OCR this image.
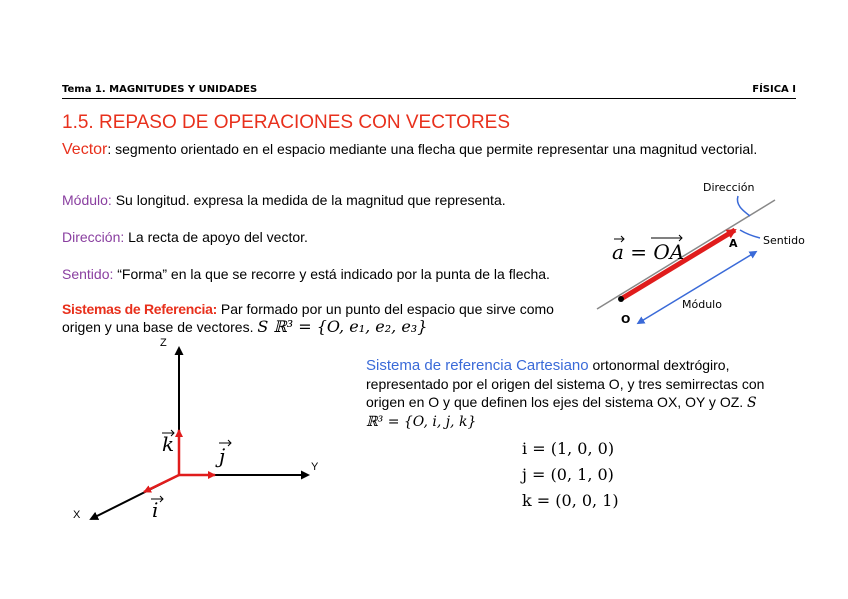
Tema 1. MAGNITUDES Y UNIDADES	FÍSICA I
1.5. REPASO DE OPERACIONES CON VECTORES
Vector: segmento orientado en el espacio mediante una flecha que permite representar una magnitud vectorial.
Módulo: Su longitud. expresa la medida de la magnitud que representa.
Dirección: La recta de apoyo del vector.
Sentido: “Forma” en la que se recorre y está indicado por la punta de la flecha.
Sistemas de Referencia: Par formado por un punto del espacio que sirve como origen y una base de vectores. S ℝ³ = {O, e₁, e₂, e₃}
Sistema de referencia Cartesiano ortonormal dextrógiro, representado por el origen del sistema O, y tres semirrectas con origen en O y que definen los ejes del sistema OX, OY y OZ. S ℝ³ = {O, i, j, k}
i = (1, 0, 0)
j = (0, 1, 0)
k = (0, 0, 1)
a = OA
Dirección
Sentido
Módulo
O
A
Z
Y
X
k j
i
